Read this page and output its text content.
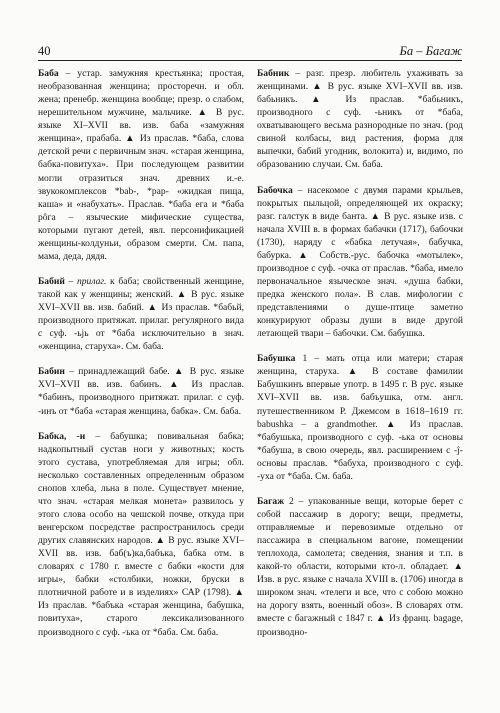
40	Ба – Багаж

Баба – устар. замужняя крестьянка; простая, необразованная женщина; просторечн. и обл. жена; пренебр. женщина вообще; презр. о слабом, нерешительном мужчине, мальчике. ▲ В рус. языке XI–XVII вв. изв. баба «замужняя женщина», прабаба. ▲ Из праслав. *баба, слова детской речи с первичным знач. «старая женщина, бабка-повитуха». При последующем развитии могли отразиться знач. древних и.-е. звукокомплексов *bab-, *pap- «жидкая пища, каша» и «набухать». Праслав. *баба ега и *баба рôга – языческие мифические существа, которыми пугают детей, явл. персонификацией женщины-колдуньи, образом смерти. См. папа, мама, деда, дядя.

Бабий – прилаг. к баба; свойственный женщине, такой как у женщины; женский. ▲ В рус. языке XVI–XVII вв. изв. бабий. ▲ Из праслав. *бабьй, производного притяжат. прилаг. регулярного вида с суф. -ьјь от *баба исключительно в знач. «женщина, старуха». См. баба.

Бабин – принадлежащий бабе. ▲ В рус. языке XVI–XVII вв. изв. бабинъ. ▲ Из праслав. *бабинъ, производного притяжат. прилаг. с суф. -инъ от *баба «старая женщина, бабка». См. баба.

Бабка, -и – бабушка; повивальная бабка; надкопытный сустав ноги у животных; кость этого сустава, употребляемая для игры; обл. несколько составленных определенным образом снопов хлеба, льна в поле. Существует мнение, что знач. «старая мелкая монета» развилось у этого слова особо на чешской почве, откуда при венгерском посредстве распространилось среди других славянских народов. ▲ В рус. языке XVI–XVII вв. изв. баб(ъ)ка,бабъка, бабка отм. в словарях с 1780 г. вместе с бабки «кости для игры», бабки «столбики, ножки, бруски в плотничной работе и в изделиях» САР (1798). ▲ Из праслав. *бабъка «старая женщина, бабушка, повитуха», старого лексикализованного производного с суф. -ъка от *баба. См. баба.

Бабник – разг. презр. любитель ухаживать за женщинами. ▲ В рус. языке XVI–XVII вв. изв. бабьникъ. ▲ Из праслав. *бабьникъ, производного с суф. -ьникъ от *баба, охватывающего весьма разнородные по знач. (род свиной колбасы, вид растения, форма для выпечки, бабий угодник, волокита) и, видимо, по образованию случаи. См. баба.

Бабочка – насекомое с двумя парами крыльев, покрытых пыльцой, определяющей их окраску; разг. галстук в виде банта. ▲ В рус. языке изв. с начала XVIII в. в формах бабачки (1717), бабочки (1730), наряду с «бабка летучая», бабучка, бабурка. ▲ Собств.-рус. бабочка «мотылек», производное с суф. -очка от праслав. *баба, имело первоначальное языческое знач. «душа бабки, предка женского пола». В слав. мифологии с представлениями о душе-птице заметно конкурируют образы души в виде другой летающей твари – бабочки. См. бабушка.

Бабушка 1 – мать отца или матери; старая женщина, старуха. ▲ В составе фамилии Бабушкинъ впервые употр. в 1495 г. В рус. языке XVI–XVII вв. изв. бабъушка, отм. англ. путешественником Р. Джемсом в 1618–1619 гг. babushka – a grandmother. ▲ Из праслав. *бабушька, производного с суф. -ька от основы *бабуша, в свою очередь, явл. расширением с -ĵ- основы праслав. *бабуха, производного с суф. -уха от *баба. См. баба.

Багаж 2 – упакованные вещи, которые берет с собой пассажир в дорогу; вещи, предметы, отправляемые и перевозимые отдельно от пассажира в специальном вагоне, помещении теплохода, самолета; сведения, знания и т.п. в какой-то области, которыми кто-л. обладает. ▲ Изв. в рус. языке с начала XVIII в. (1706) иногда в широком знач. «телеги и все, что с собою можно на дорогу взять, военный обоз». В словарях отм. вместе с багажный с 1847 г. ▲ Из франц. bagage, производно-
